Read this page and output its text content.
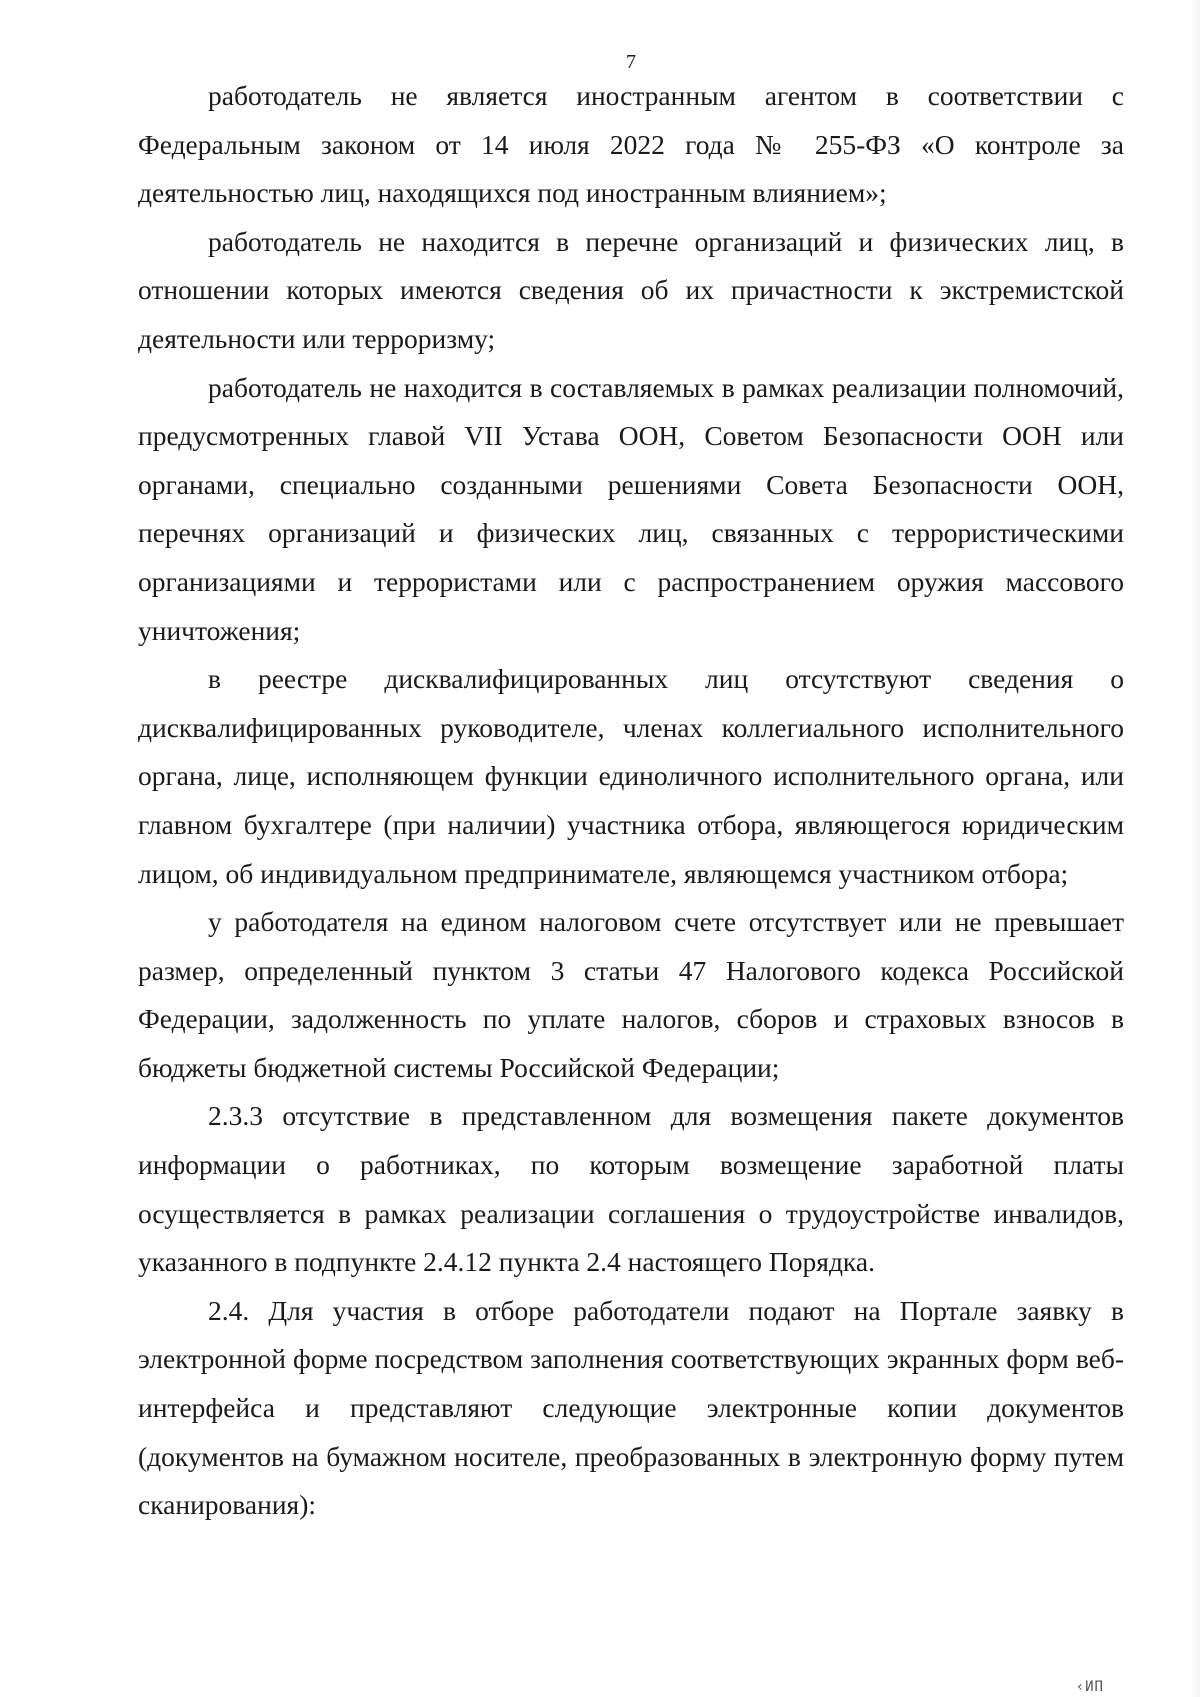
7

работодатель не является иностранным агентом в соответствии с Федеральным законом от 14 июля 2022 года № 255-ФЗ «О контроле за деятельностью лиц, находящихся под иностранным влиянием»;

работодатель не находится в перечне организаций и физических лиц, в отношении которых имеются сведения об их причастности к экстремистской деятельности или терроризму;

работодатель не находится в составляемых в рамках реализации полномочий, предусмотренных главой VII Устава ООН, Советом Безопасности ООН или органами, специально созданными решениями Совета Безопасности ООН, перечнях организаций и физических лиц, связанных с террористическими организациями и террористами или с распространением оружия массового уничтожения;

в реестре дисквалифицированных лиц отсутствуют сведения о дисквалифицированных руководителе, членах коллегиального исполнительного органа, лице, исполняющем функции единоличного исполнительного органа, или главном бухгалтере (при наличии) участника отбора, являющегося юридическим лицом, об индивидуальном предпринимателе, являющемся участником отбора;

у работодателя на едином налоговом счете отсутствует или не превышает размер, определенный пунктом 3 статьи 47 Налогового кодекса Российской Федерации, задолженность по уплате налогов, сборов и страховых взносов в бюджеты бюджетной системы Российской Федерации;

2.3.3 отсутствие в представленном для возмещения пакете документов информации о работниках, по которым возмещение заработной платы осуществляется в рамках реализации соглашения о трудоустройстве инвалидов, указанного в подпункте 2.4.12 пункта 2.4 настоящего Порядка.

2.4. Для участия в отборе работодатели подают на Портале заявку в электронной форме посредством заполнения соответствующих экранных форм веб-интерфейса и представляют следующие электронные копии документов (документов на бумажном носителе, преобразованных в электронную форму путем сканирования):

‹ИП
